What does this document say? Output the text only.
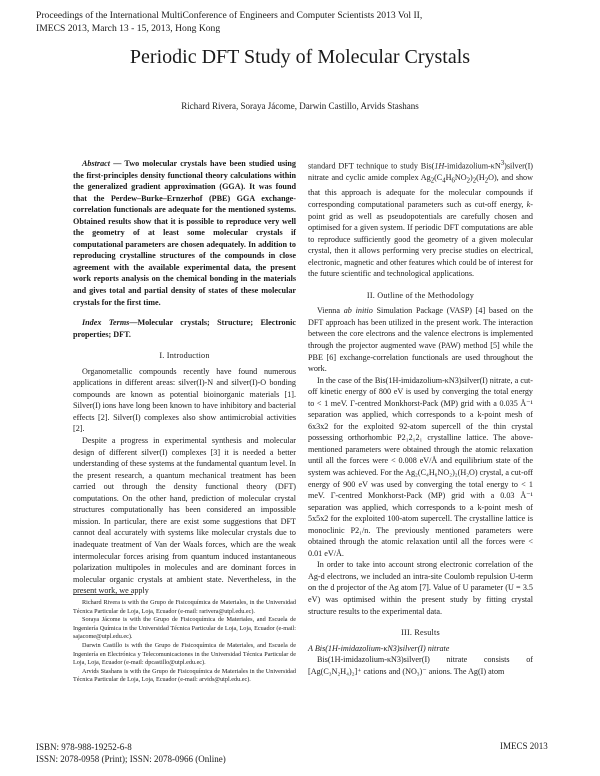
Proceedings of the International MultiConference of Engineers and Computer Scientists 2013 Vol II,
IMECS 2013, March 13 - 15, 2013, Hong Kong
Periodic DFT Study of Molecular Crystals
Richard Rivera, Soraya Jácome, Darwin Castillo, Arvids Stashans

Abstract — Two molecular crystals have been studied using the first-principles density functional theory calculations within the generalized gradient approximation (GGA). It was found that the Perdew–Burke–Ernzerhof (PBE) GGA exchange-correlation functionals are adequate for the mentioned systems. Obtained results show that it is possible to reproduce very well the geometry of at least some molecular crystals if computational parameters are chosen adequately. In addition to reproducing crystalline structures of the compounds in close agreement with the available experimental data, the present work reports analysis on the chemical bonding in the materials and gives total and partial density of states of these molecular crystals for the first time.

Index Terms—Molecular crystals; Structure; Electronic properties; DFT.

I. Introduction

Organometallic compounds recently have found numerous applications in different areas: silver(I)-N and silver(I)-O bonding compounds are known as potential bioinorganic materials [1]. Silver(I) ions have long been known to have inhibitory and bacterial effects [2]. Silver(I) complexes also show antimicrobial activities [2].

Despite a progress in experimental synthesis and molecular design of different silver(I) complexes [3] it is needed a better understanding of these systems at the fundamental quantum level. In the present research, a quantum mechanical treatment has been carried out through the density functional theory (DFT) computations. On the other hand, prediction of molecular crystal structures computationally has been considered an impossible mission. In particular, there are exist some suggestions that DFT cannot deal accurately with systems like molecular crystals due to inadequate treatment of Van der Waals forces, which are the weak intermolecular forces arising from quantum induced instantaneous polarization multipoles in molecules and are dominant forces in molecular organic crystals at ambient state. Nevertheless, in the present work, we apply

Richard Rivera is with the Grupo de Fisicoquímica de Materiales, in the Universidad Técnica Particular de Loja, Loja, Ecuador (e-mail: rarivera@utpl.edu.ec).

Soraya Jácome is with the Grupo de Fisicoquímica de Materiales, and Escuela de Ingeniería Química in the Universidad Técnica Particular de Loja, Loja, Ecuador (e-mail: sajacome@utpl.edu.ec).

Darwin Castillo is with the Grupo de Fisicoquímica de Materiales, and Escuela de Ingeniería en Electrónica y Telecomunicaciones in the Universidad Técnica Particular de Loja, Loja, Ecuador (e-mail: dpcastillo@utpl.edu.ec).

Arvids Stashans is with the Grupo de Fisicoquímica de Materiales in the Universidad Técnica Particular de Loja, Loja, Ecuador (e-mail: arvids@utpl.edu.ec).

standard DFT technique to study $Bis(1H-imidazolium-\kappa N^3)silver(I)$ nitrate and cyclic amide complex $Ag_2(C_4H_6NO_2)_2(H_2O)$, and show that this approach is adequate for the molecular compounds if corresponding computational parameters such as cut-off energy, k-point grid as well as pseudopotentials are carefully chosen and optimised for a given system. If periodic DFT computations are able to reproduce sufficiently good the geometry of a given molecular crystal, then it allows performing very precise studies on electrical, electronic, magnetic and other features which could be of interest for the future scientific and technological applications.

II. Outline of the Methodology

Vienna ab initio Simulation Package (VASP) [4] based on the DFT approach has been utilized in the present work. The interaction between the core electrons and the valence electrons is implemented through the projector augmented wave (PAW) method [5] while the PBE [6] exchange-correlation functionals are used throughout the work.

In the case of the Bis(1H-imidazolium-κN3)silver(I) nitrate, a cut-off kinetic energy of 800 eV is used by converging the total energy to < 1 meV. Γ-centred Monkhorst-Pack (MP) grid with a 0.035 Å⁻¹ separation was applied, which corresponds to a k-point mesh of 6x3x2 for the exploited 92-atom supercell of the thin crystal possessing orthorhombic P2₁2₁2₁ crystalline lattice. The above-mentioned parameters were obtained through the atomic relaxation until all the forces were < 0.008 eV/Å and equilibrium state of the system was achieved. For the Ag₂(C₄H₆NO₂)₂(H₂O) crystal, a cut-off energy of 900 eV was used by converging the total energy to < 1 meV. Γ-centred Monkhorst-Pack (MP) grid with a 0.03 Å⁻¹ separation was applied, which corresponds to a k-point mesh of 5x5x2 for the exploited 100-atom supercell. The crystalline lattice is monoclinic P2₁/n. The previously mentioned parameters were obtained through the atomic relaxation until all the forces were < 0.01 eV/Å.

In order to take into account strong electronic correlation of the Ag-d electrons, we included an intra-site Coulomb repulsion U-term on the d projector of the Ag atom [7]. Value of U parameter (U = 3.5 eV) was optimised within the present study by fitting crystal structure results to the experimental data.

III. Results
A Bis(1H-imidazolium-κN3)silver(I) nitrate

Bis(1H-imidazolium-κN3)silver(I) nitrate consists of [Ag(C₃N₂H₄)₂]⁺ cations and (NO₃)⁻ anions. The Ag(I) atom

ISBN: 978-988-19252-6-8
ISSN: 2078-0958 (Print); ISSN: 2078-0966 (Online)
IMECS 2013
